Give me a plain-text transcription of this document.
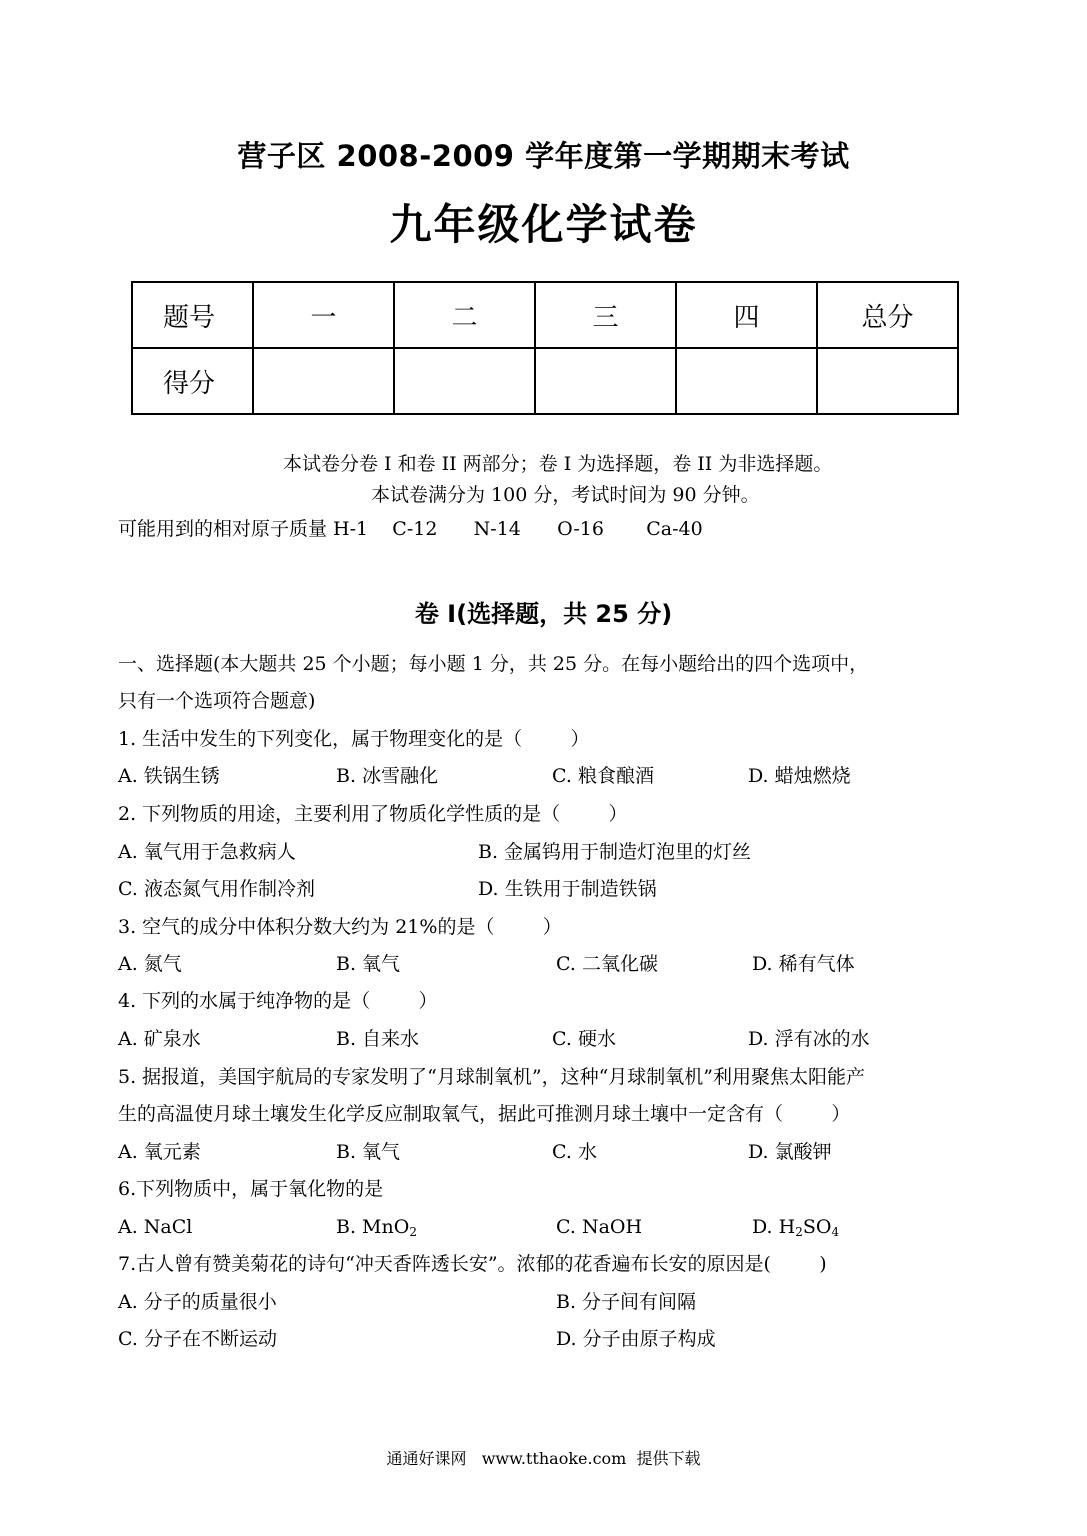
营子区 2008-2009 学年度第一学期期末考试
九年级化学试卷
题号	一	二	三	四	总分
得分					
本试卷分卷 I 和卷 II 两部分；卷 I 为选择题，卷 II 为非选择题。
本试卷满分为 100 分，考试时间为 90 分钟。
可能用到的相对原子质量 H-1    C-12      N-14      O-16       Ca-40
卷 I(选择题，共 25 分)
一、选择题(本大题共 25 个小题；每小题 1 分，共 25 分。在每小题给出的四个选项中，
只有一个选项符合题意)
1. 生活中发生的下列变化，属于物理变化的是（        ）
A. 铁锅生锈	B. 冰雪融化	C. 粮食酿酒	D. 蜡烛燃烧
2. 下列物质的用途，主要利用了物质化学性质的是（        ）
A. 氧气用于急救病人	B. 金属钨用于制造灯泡里的灯丝
C. 液态氮气用作制冷剂	D. 生铁用于制造铁锅
3. 空气的成分中体积分数大约为 21%的是（        ）
A. 氮气	B. 氧气	C. 二氧化碳	D. 稀有气体
4. 下列的水属于纯净物的是（        ）
A. 矿泉水	B. 自来水	C. 硬水	D. 浮有冰的水
5. 据报道，美国宇航局的专家发明了“月球制氧机”，这种“月球制氧机”利用聚焦太阳能产
生的高温使月球土壤发生化学反应制取氧气，据此可推测月球土壤中一定含有（        ）
A. 氧元素	B. 氧气	C. 水	D. 氯酸钾
6.下列物质中，属于氧化物的是
A. NaCl	B. MnO$_2$	C. NaOH	D. $H_2SO_4$
7.古人曾有赞美菊花的诗句“冲天香阵透长安”。浓郁的花香遍布长安的原因是(        )
A. 分子的质量很小	B. 分子间有间隔
C. 分子在不断运动	D. 分子由原子构成
通通好课网   www.tthaoke.com  提供下载
